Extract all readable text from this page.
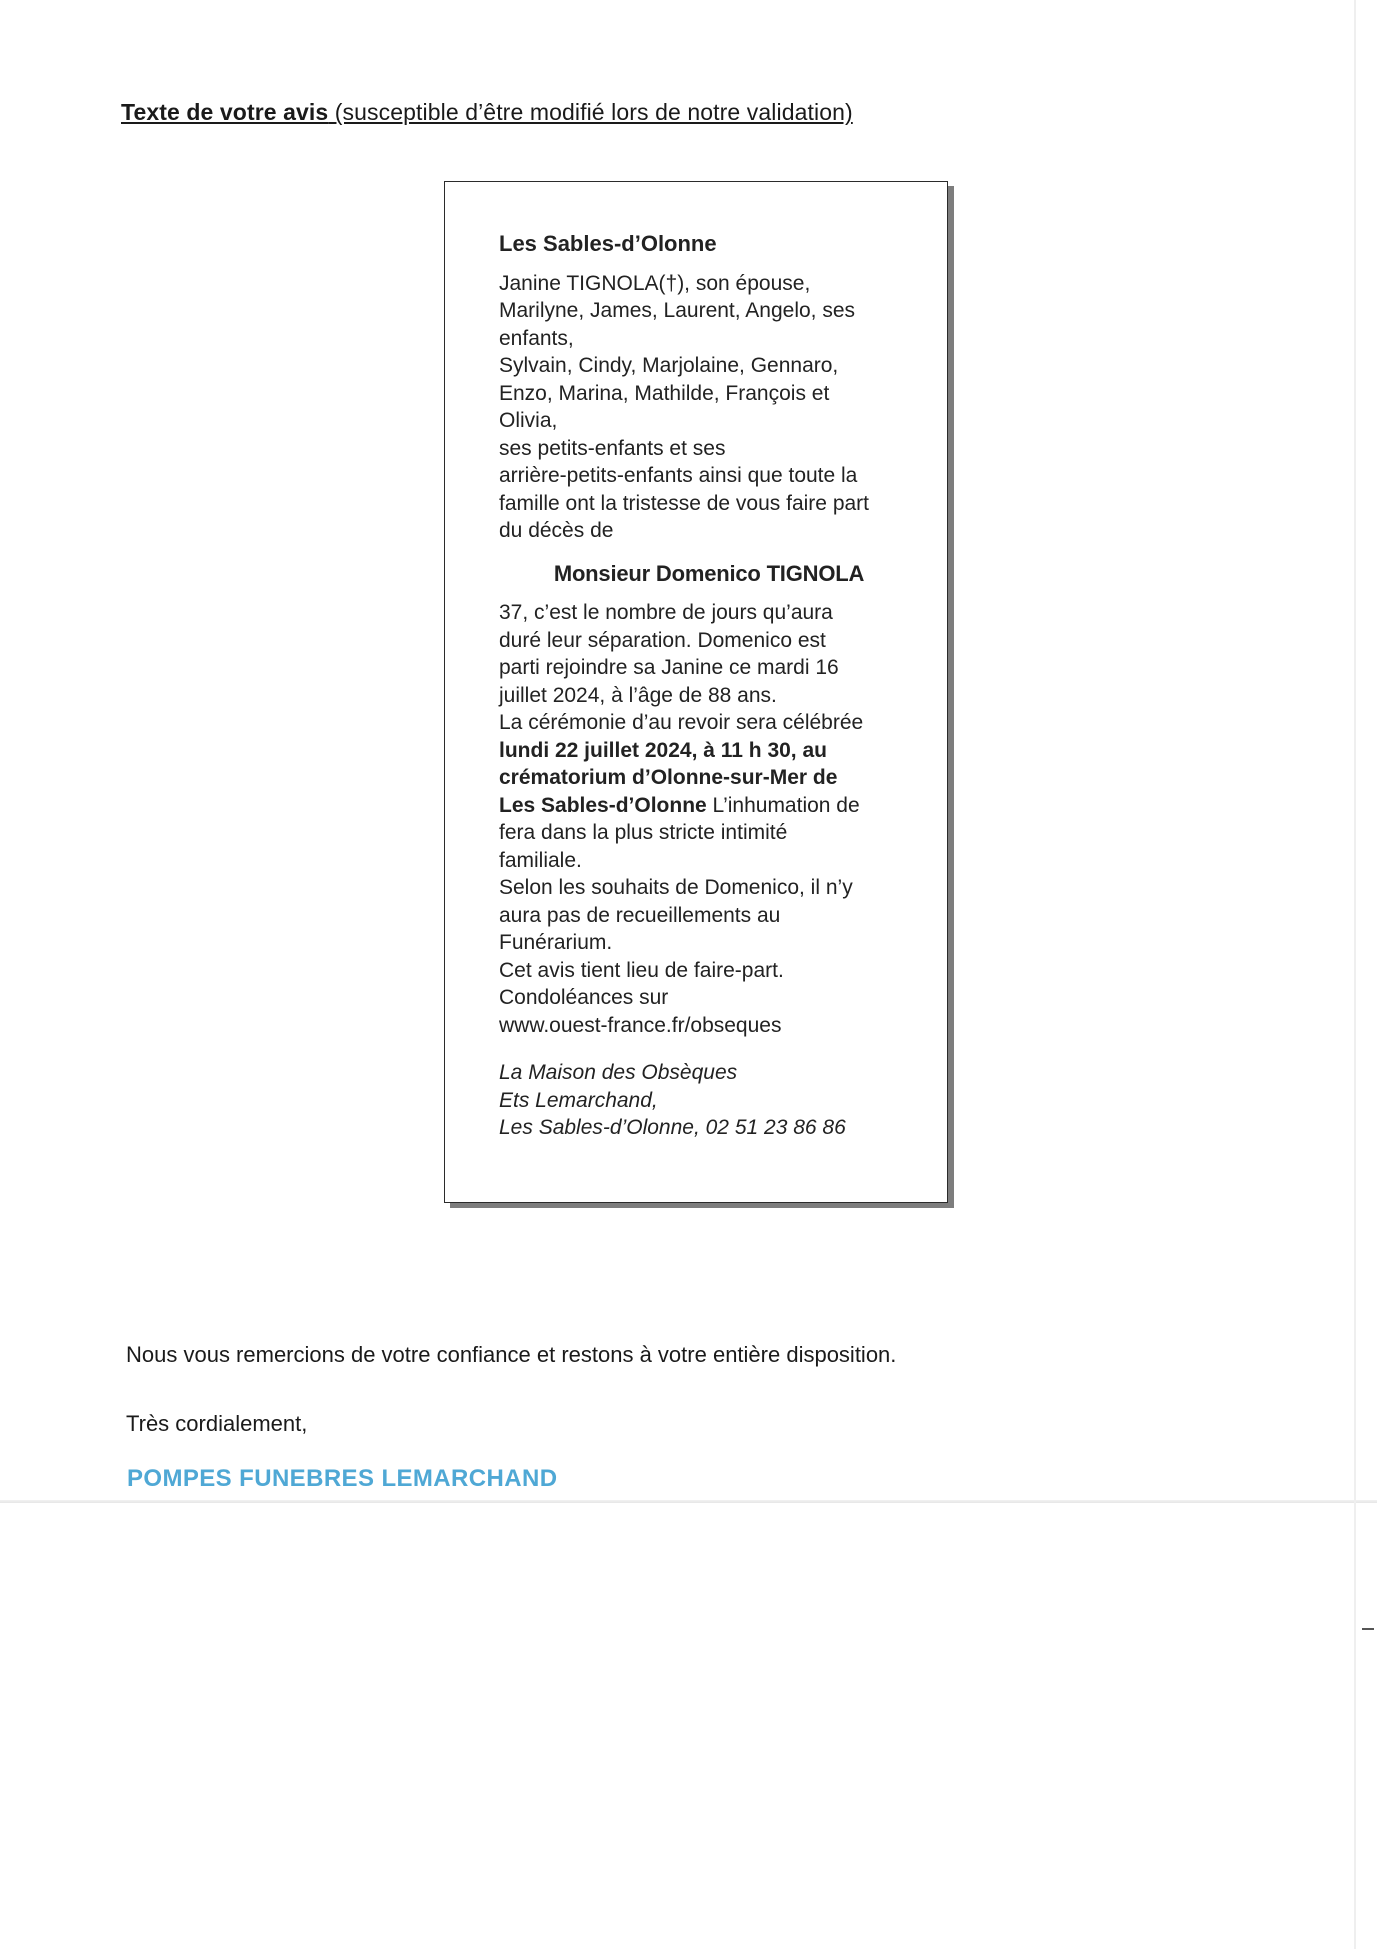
Texte de votre avis (susceptible d’être modifié lors de notre validation)
Les Sables-d’Olonne
Janine TIGNOLA(†), son épouse,
Marilyne, James, Laurent, Angelo, ses
enfants,
Sylvain, Cindy, Marjolaine, Gennaro,
Enzo, Marina, Mathilde, François et
Olivia,
ses petits-enfants et ses
arrière-petits-enfants ainsi que toute la
famille ont la tristesse de vous faire part
du décès de
Monsieur Domenico TIGNOLA
37, c’est le nombre de jours qu’aura
duré leur séparation. Domenico est
parti rejoindre sa Janine ce mardi 16
juillet 2024, à l’âge de 88 ans.
La cérémonie d’au revoir sera célébrée
lundi 22 juillet 2024, à 11 h 30, au
crématorium d’Olonne-sur-Mer de
Les Sables-d’Olonne L’inhumation de
fera dans la plus stricte intimité
familiale.
Selon les souhaits de Domenico, il n’y
aura pas de recueillements au
Funérarium.
Cet avis tient lieu de faire-part.
Condoléances sur
www.ouest-france.fr/obseques
La Maison des Obsèques
Ets Lemarchand,
Les Sables-d’Olonne, 02 51 23 86 86
Nous vous remercions de votre confiance et restons à votre entière disposition.
Très cordialement,
POMPES FUNEBRES LEMARCHAND
